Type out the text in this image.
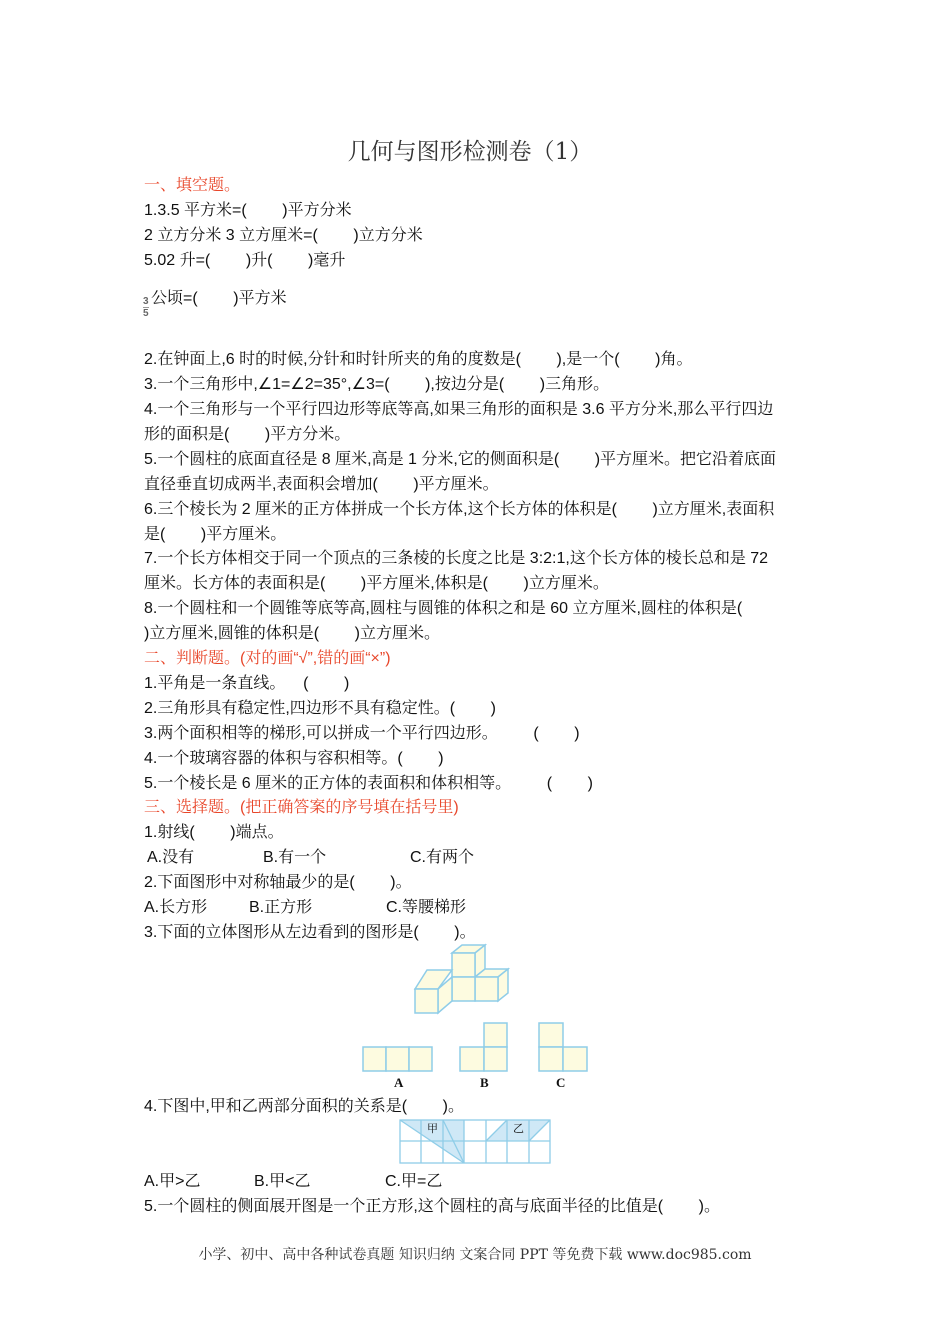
几何与图形检测卷（1）
一、填空题。
1.3.5 平方米=(        )平方分米
2 立方分米 3 立方厘米=(        )立方分米
5.02 升=(        )升(        )毫升
$\frac{3}{5}$ 公顷=(        )平方米
2.在钟面上,6 时的时候,分针和时针所夹的角的度数是(        ),是一个(        )角。
3.一个三角形中,∠1=∠2=35°,∠3=(        ),按边分是(        )三角形。
4.一个三角形与一个平行四边形等底等高,如果三角形的面积是 3.6 平方分米,那么平行四边
形的面积是(        )平方分米。
5.一个圆柱的底面直径是 8 厘米,高是 1 分米,它的侧面积是(        )平方厘米。把它沿着底面
直径垂直切成两半,表面积会增加(        )平方厘米。
6.三个棱长为 2 厘米的正方体拼成一个长方体,这个长方体的体积是(        )立方厘米,表面积
是(        )平方厘米。
7.一个长方体相交于同一个顶点的三条棱的长度之比是 3:2:1,这个长方体的棱长总和是 72
厘米。长方体的表面积是(        )平方厘米,体积是(        )立方厘米。
8.一个圆柱和一个圆锥等底等高,圆柱与圆锥的体积之和是 60 立方厘米,圆柱的体积是(
)立方厘米,圆锥的体积是(        )立方厘米。
二、判断题。(对的画“√”,错的画“×”)
1.平角是一条直线。    (        )
2.三角形具有稳定性,四边形不具有稳定性。(        )
3.两个面积相等的梯形,可以拼成一个平行四边形。        (        )
4.一个玻璃容器的体积与容积相等。(        )
5.一个棱长是 6 厘米的正方体的表面积和体积相等。        (        )
三、选择题。(把正确答案的序号填在括号里)
1.射线(        )端点。
A.没有	B.有一个	C.有两个
2.下面图形中对称轴最少的是(        )。
A.长方形	B.正方形	C.等腰梯形
3.下面的立体图形从左边看到的图形是(        )。
A	B	C
4.下图中,甲和乙两部分面积的关系是(        )。
甲	乙
A.甲>乙	B.甲<乙	C.甲=乙
5.一个圆柱的侧面展开图是一个正方形,这个圆柱的高与底面半径的比值是(        )。
小学、初中、高中各种试卷真题 知识归纳 文案合同 PPT 等免费下载 www.doc985.com
